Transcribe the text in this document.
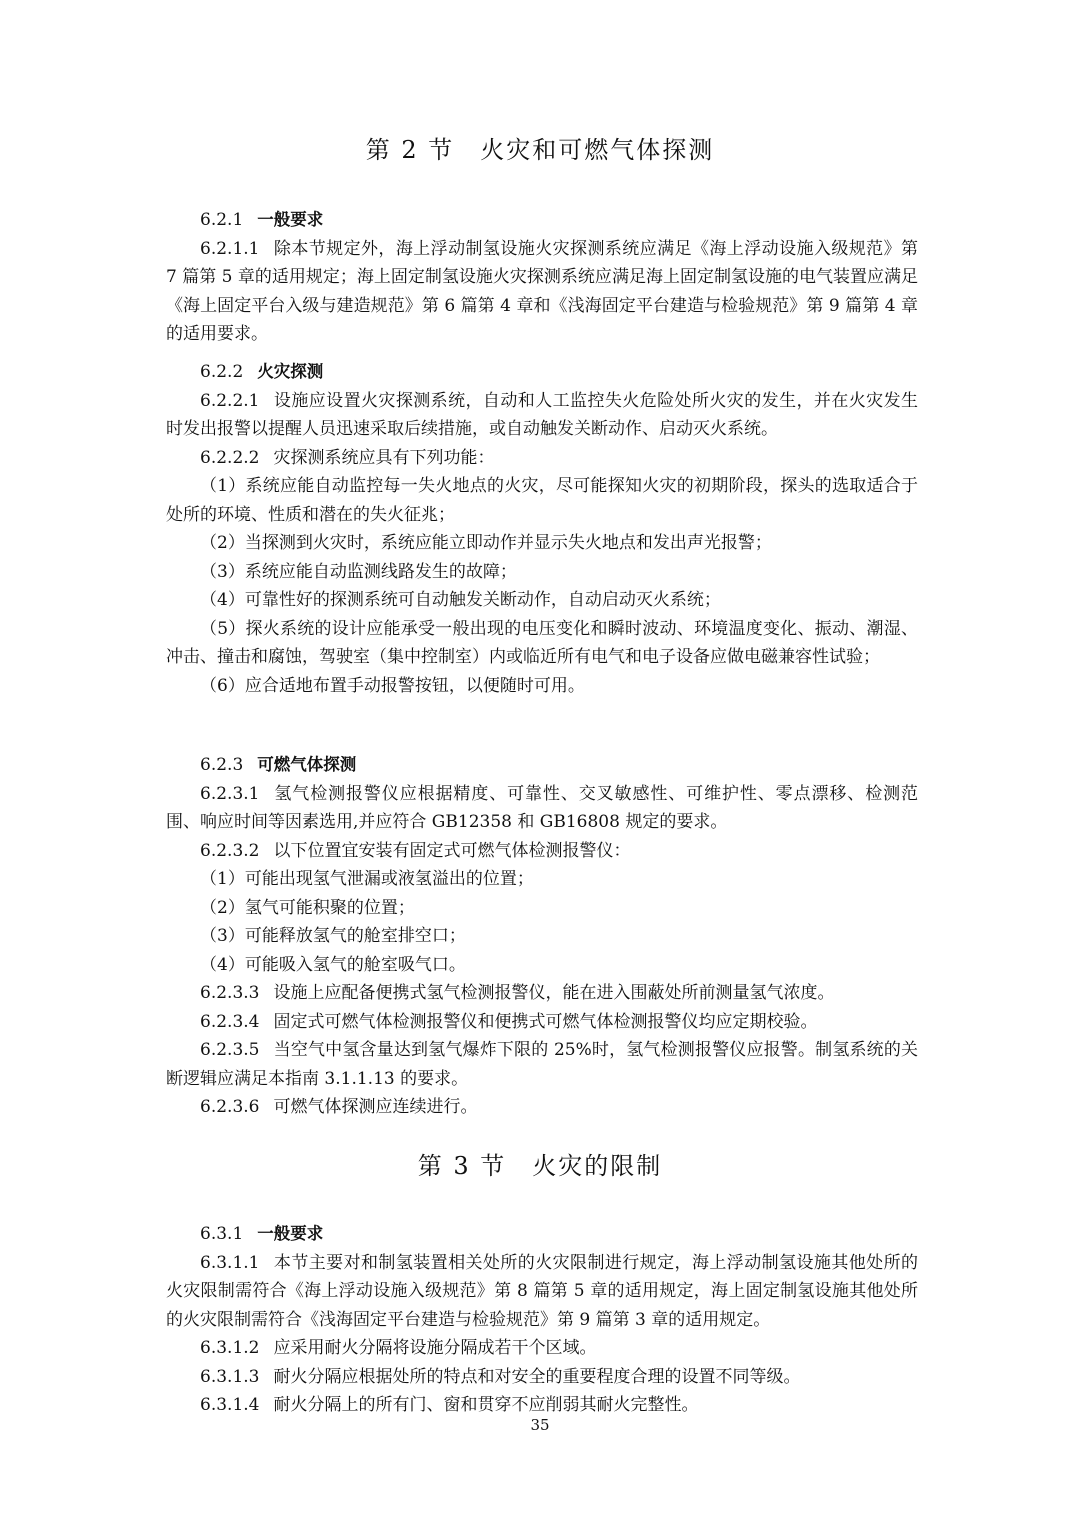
第 2 节　火灾和可燃气体探测

6.2.1 一般要求

6.2.1.1 除本节规定外，海上浮动制氢设施火灾探测系统应满足《海上浮动设施入级规范》第 7 篇第 5 章的适用规定；海上固定制氢设施火灾探测系统应满足海上固定制氢设施的电气装置应满足《海上固定平台入级与建造规范》第 6 篇第 4 章和《浅海固定平台建造与检验规范》第 9 篇第 4 章的适用要求。

6.2.2 火灾探测

6.2.2.1 设施应设置火灾探测系统，自动和人工监控失火危险处所火灾的发生，并在火灾发生时发出报警以提醒人员迅速采取后续措施，或自动触发关断动作、启动灭火系统。

6.2.2.2 灾探测系统应具有下列功能：

（1）系统应能自动监控每一失火地点的火灾，尽可能探知火灾的初期阶段，探头的选取适合于处所的环境、性质和潜在的失火征兆；

（2）当探测到火灾时，系统应能立即动作并显示失火地点和发出声光报警；

（3）系统应能自动监测线路发生的故障；

（4）可靠性好的探测系统可自动触发关断动作，自动启动灭火系统；

（5）探火系统的设计应能承受一般出现的电压变化和瞬时波动、环境温度变化、振动、潮湿、冲击、撞击和腐蚀，驾驶室（集中控制室）内或临近所有电气和电子设备应做电磁兼容性试验；

（6）应合适地布置手动报警按钮，以便随时可用。

6.2.3 可燃气体探测

6.2.3.1 氢气检测报警仪应根据精度、可靠性、交叉敏感性、可维护性、零点漂移、检测范围、响应时间等因素选用,并应符合 GB12358 和 GB16808 规定的要求。

6.2.3.2 以下位置宜安装有固定式可燃气体检测报警仪：

（1）可能出现氢气泄漏或液氢溢出的位置；

（2）氢气可能积聚的位置；

（3）可能释放氢气的舱室排空口；

（4）可能吸入氢气的舱室吸气口。

6.2.3.3 设施上应配备便携式氢气检测报警仪，能在进入围蔽处所前测量氢气浓度。

6.2.3.4 固定式可燃气体检测报警仪和便携式可燃气体检测报警仪均应定期校验。

6.2.3.5 当空气中氢含量达到氢气爆炸下限的 25%时，氢气检测报警仪应报警。制氢系统的关断逻辑应满足本指南 3.1.1.13 的要求。

6.2.3.6 可燃气体探测应连续进行。

第 3 节　火灾的限制

6.3.1 一般要求

6.3.1.1 本节主要对和制氢装置相关处所的火灾限制进行规定，海上浮动制氢设施其他处所的火灾限制需符合《海上浮动设施入级规范》第 8 篇第 5 章的适用规定，海上固定制氢设施其他处所的火灾限制需符合《浅海固定平台建造与检验规范》第 9 篇第 3 章的适用规定。

6.3.1.2 应采用耐火分隔将设施分隔成若干个区域。

6.3.1.3 耐火分隔应根据处所的特点和对安全的重要程度合理的设置不同等级。

6.3.1.4 耐火分隔上的所有门、窗和贯穿不应削弱其耐火完整性。

35
